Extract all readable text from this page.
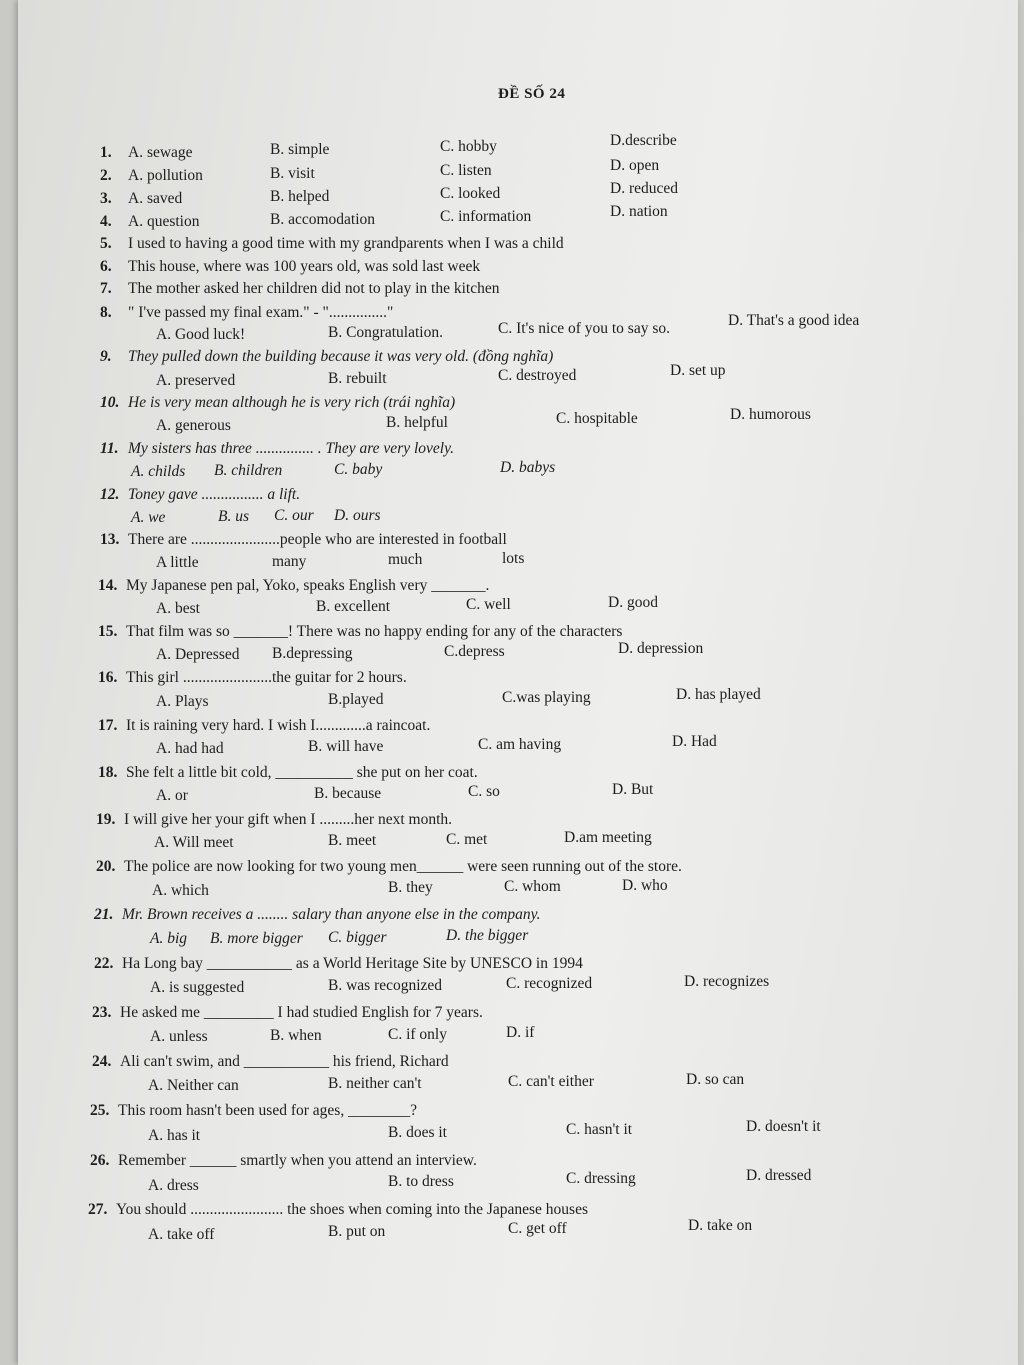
ĐỀ SỐ 24
1.	A. sewage	B. simple	C. hobby	D.describe
2.	A. pollution	B. visit	C. listen	D. open
3.	A. saved	B. helped	C. looked	D. reduced
4.	A. question	B. accomodation	C. information	D. nation
5. I used to having a good time with my grandparents when I was a child
6. This house, where was 100 years old, was sold last week
7. The mother asked her children did not to play in the kitchen
8. " I've passed my final exam." - "..............."
A. Good luck!	B. Congratulation.	C. It's nice of you to say so.	D. That's a good idea
9. They pulled down the building because it was very old. (đồng nghĩa)
A. preserved	B. rebuilt	C. destroyed	D. set up
10. He is very mean although he is very rich (trái nghĩa)
A. generous	B. helpful	C. hospitable	D. humorous
11. My sisters has three ............... . They are very lovely.
A. childs B. children	C. baby	D. babys
12. Toney gave ................ a lift.
A. we	B. us C. our D. ours
13. There are .......................people who are interested in football
A little	many	much	lots
14. My Japanese pen pal, Yoko, speaks English very _______.
A. best	B. excellent	C. well	D. good
15. That film was so _______! There was no happy ending for any of the characters
A. Depressed B.depressing	C.depress	D. depression
16. This girl .......................the guitar for 2 hours.
A. Plays	B.played	C.was playing	D. has played
17. It is raining very hard. I wish I.............a raincoat.
A. had had	B. will have	C. am having	D. Had
18. She felt a little bit cold, __________ she put on her coat.
A. or	B. because	C. so	D. But
19. I will give her your gift when I .........her next month.
A. Will meet	B. meet	C. met	D.am meeting
20. The police are now looking for two young men______ were seen running out of the store.
A. which	B. they	C. whom	D. who
21. Mr. Brown receives a ........ salary than anyone else in the company.
A. big B. more bigger C. bigger	D. the bigger
22. Ha Long bay ___________ as a World Heritage Site by UNESCO in 1994
A. is suggested	B. was recognized	C. recognized	D. recognizes
23. He asked me _________ I had studied English for 7 years.
A. unless	B. when	C. if only	D. if
24. Ali can't swim, and ___________ his friend, Richard
A. Neither can	B. neither can't	C. can't either	D. so can
25. This room hasn't been used for ages, ________?
A. has it	B. does it	C. hasn't it	D. doesn't it
26. Remember ______ smartly when you attend an interview.
A. dress	B. to dress	C. dressing	D. dressed
27. You should ........................ the shoes when coming into the Japanese houses
A. take off	B. put on	C. get off	D. take on
